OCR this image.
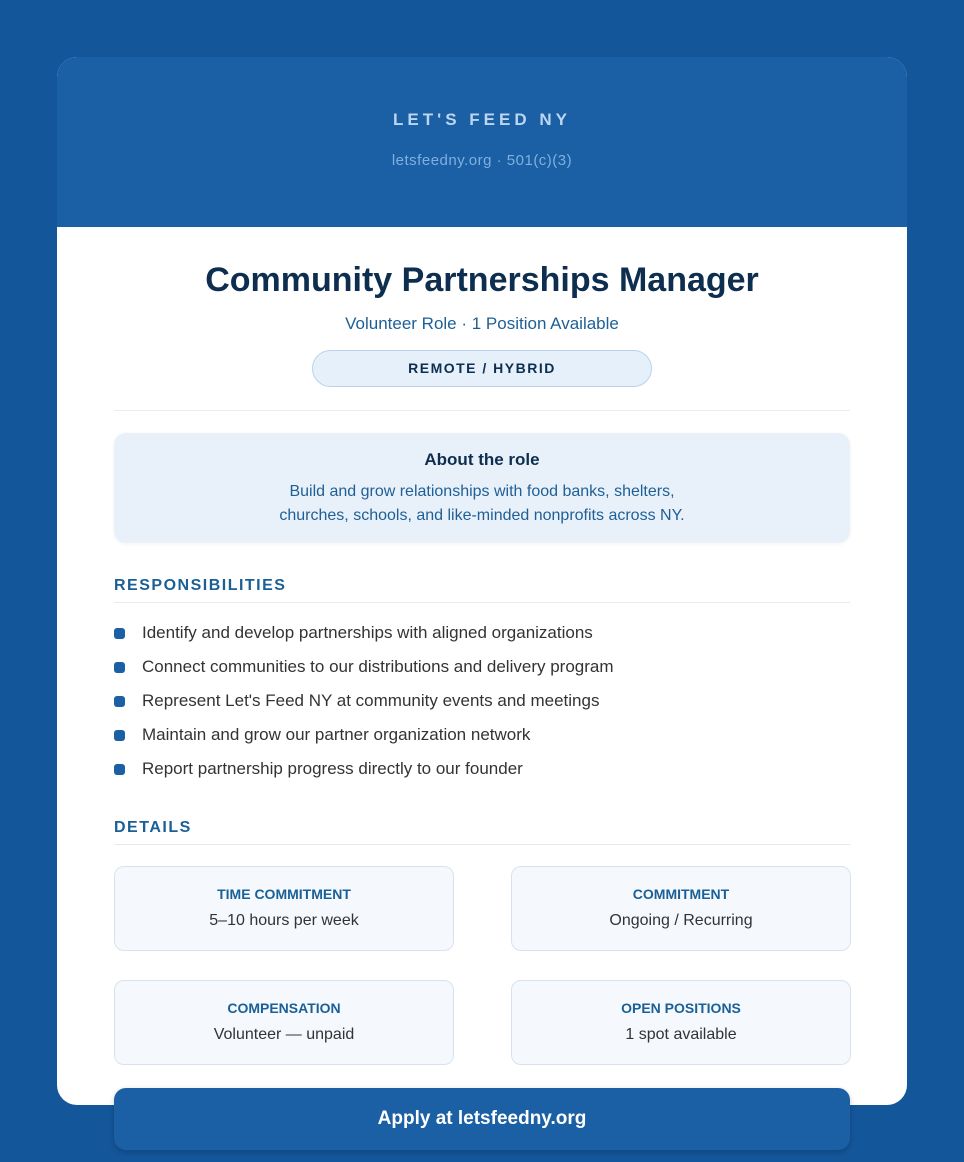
LET'S FEED NY
letsfeedny.org · 501(c)(3)
Community Partnerships Manager
Volunteer Role · 1 Position Available
REMOTE / HYBRID
About the role

Build and grow relationships with food banks, shelters,
churches, schools, and like-minded nonprofits across NY.

RESPONSIBILITIES
Identify and develop partnerships with aligned organizations
Connect communities to our distributions and delivery program
Represent Let's Feed NY at community events and meetings
Maintain and grow our partner organization network
Report partnership progress directly to our founder
DETAILS
TIME COMMITMENT
5–10 hours per week
COMMITMENT
Ongoing / Recurring
COMPENSATION
Volunteer — unpaid
OPEN POSITIONS
1 spot available
Apply at letsfeedny.org
